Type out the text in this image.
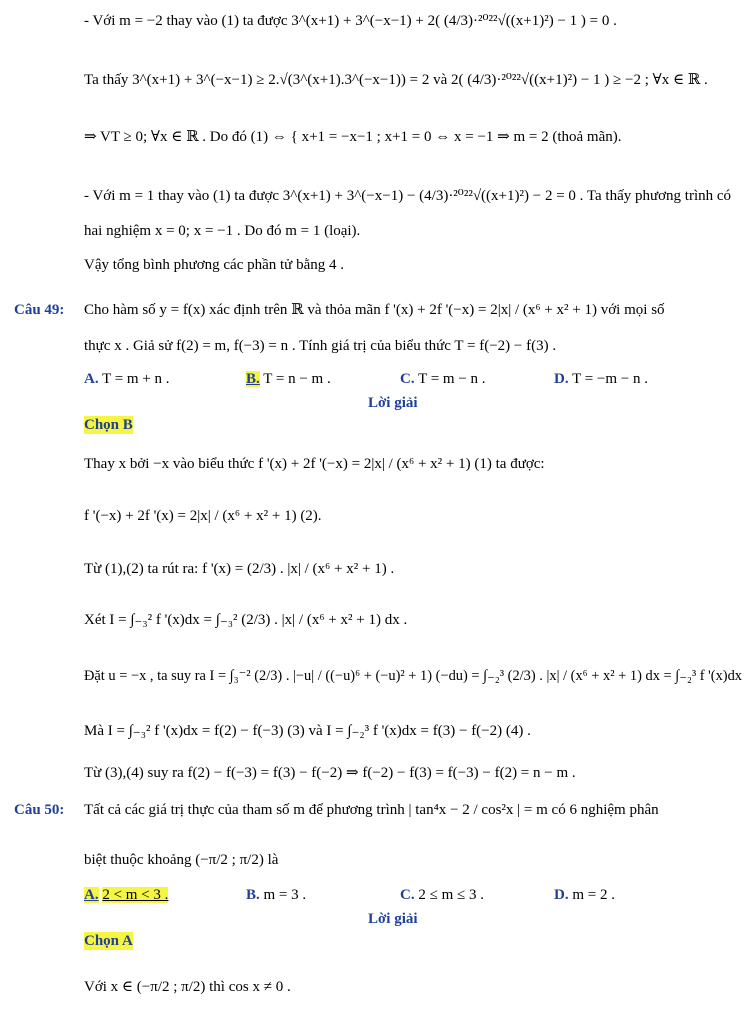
- Với m = −2 thay vào (1) ta được 3^(x+1) + 3^(−x−1) + 2( (4/3)·²⁰²²√((x+1)²) − 1 ) = 0 .
Ta thấy 3^(x+1) + 3^(−x−1) ≥ 2.√(3^(x+1).3^(−x−1)) = 2 và 2( (4/3)·²⁰²²√((x+1)²) − 1 ) ≥ −2 ; ∀x ∈ ℝ .
⇒ VT ≥ 0; ∀x ∈ ℝ . Do đó (1) ⇔ { x+1 = −x−1 ; x+1 = 0 ⇔ x = −1 ⇒ m = 2 (thoả mãn).
- Với m = 1 thay vào (1) ta được 3^(x+1) + 3^(−x−1) − (4/3)·²⁰²²√((x+1)²) − 2 = 0 . Ta thấy phương trình có
hai nghiệm x = 0; x = −1 . Do đó m = 1 (loại).
Vậy tổng bình phương các phần tử bằng 4 .
Câu 49: Cho hàm số y = f(x) xác định trên ℝ và thỏa mãn f '(x) + 2f '(−x) = 2|x| / (x⁶ + x² + 1) với mọi số
thực x . Giả sử f(2) = m, f(−3) = n . Tính giá trị của biểu thức T = f(−2) − f(3) .
A. T = m + n .	B. T = n − m .	C. T = m − n .	D. T = −m − n .
Lời giải
Chọn B
Thay x bởi −x vào biểu thức f '(x) + 2f '(−x) = 2|x| / (x⁶ + x² + 1) (1) ta được:
f '(−x) + 2f '(x) = 2|x| / (x⁶ + x² + 1) (2).
Từ (1),(2) ta rút ra: f '(x) = (2/3) . |x| / (x⁶ + x² + 1) .
Xét I = ∫₋₃² f '(x)dx = ∫₋₃² (2/3) . |x| / (x⁶ + x² + 1) dx .
Đặt u = −x , ta suy ra I = ∫₃⁻² (2/3) . |−u| / ((−u)⁶ + (−u)² + 1) (−du) = ∫₋₂³ (2/3) . |x| / (x⁶ + x² + 1) dx = ∫₋₂³ f '(x)dx
Mà I = ∫₋₃² f '(x)dx = f(2) − f(−3) (3) và I = ∫₋₂³ f '(x)dx = f(3) − f(−2) (4) .
Từ (3),(4) suy ra f(2) − f(−3) = f(3) − f(−2) ⇒ f(−2) − f(3) = f(−3) − f(2) = n − m .
Câu 50: Tất cả các giá trị thực của tham số m để phương trình | tan⁴x − 2 / cos²x | = m có 6 nghiệm phân
biệt thuộc khoảng (−π/2 ; π/2) là
A. 2 < m < 3 .	B. m = 3 .	C. 2 ≤ m ≤ 3 .	D. m = 2 .
Lời giải
Chọn A
Với x ∈ (−π/2 ; π/2) thì cos x ≠ 0 .
